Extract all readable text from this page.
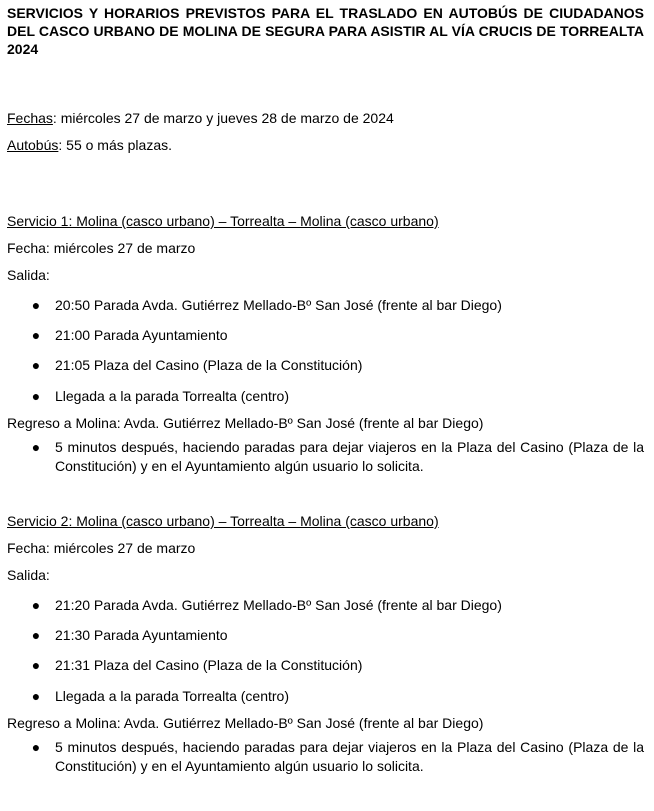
SERVICIOS Y HORARIOS PREVISTOS PARA EL TRASLADO EN AUTOBÚS DE CIUDADANOS DEL CASCO URBANO DE MOLINA DE SEGURA PARA ASISTIR AL VÍA CRUCIS DE TORREALTA 2024

Fechas: miércoles 27 de marzo y jueves 28 de marzo de 2024

Autobús: 55 o más plazas.

Servicio 1: Molina (casco urbano) – Torrealta – Molina (casco urbano)

Fecha: miércoles 27 de marzo

Salida:

● 20:50 Parada Avda. Gutiérrez Mellado-Bº San José (frente al bar Diego)
● 21:00 Parada Ayuntamiento
● 21:05 Plaza del Casino (Plaza de la Constitución)
● Llegada a la parada Torrealta (centro)

Regreso a Molina: Avda. Gutiérrez Mellado-Bº San José (frente al bar Diego)

● 5 minutos después, haciendo paradas para dejar viajeros en la Plaza del Casino (Plaza de la Constitución) y en el Ayuntamiento algún usuario lo solicita.

Servicio 2: Molina (casco urbano) – Torrealta – Molina (casco urbano)

Fecha: miércoles 27 de marzo

Salida:

● 21:20 Parada Avda. Gutiérrez Mellado-Bº San José (frente al bar Diego)
● 21:30 Parada Ayuntamiento
● 21:31 Plaza del Casino (Plaza de la Constitución)
● Llegada a la parada Torrealta (centro)

Regreso a Molina: Avda. Gutiérrez Mellado-Bº San José (frente al bar Diego)

● 5 minutos después, haciendo paradas para dejar viajeros en la Plaza del Casino (Plaza de la Constitución) y en el Ayuntamiento algún usuario lo solicita.
